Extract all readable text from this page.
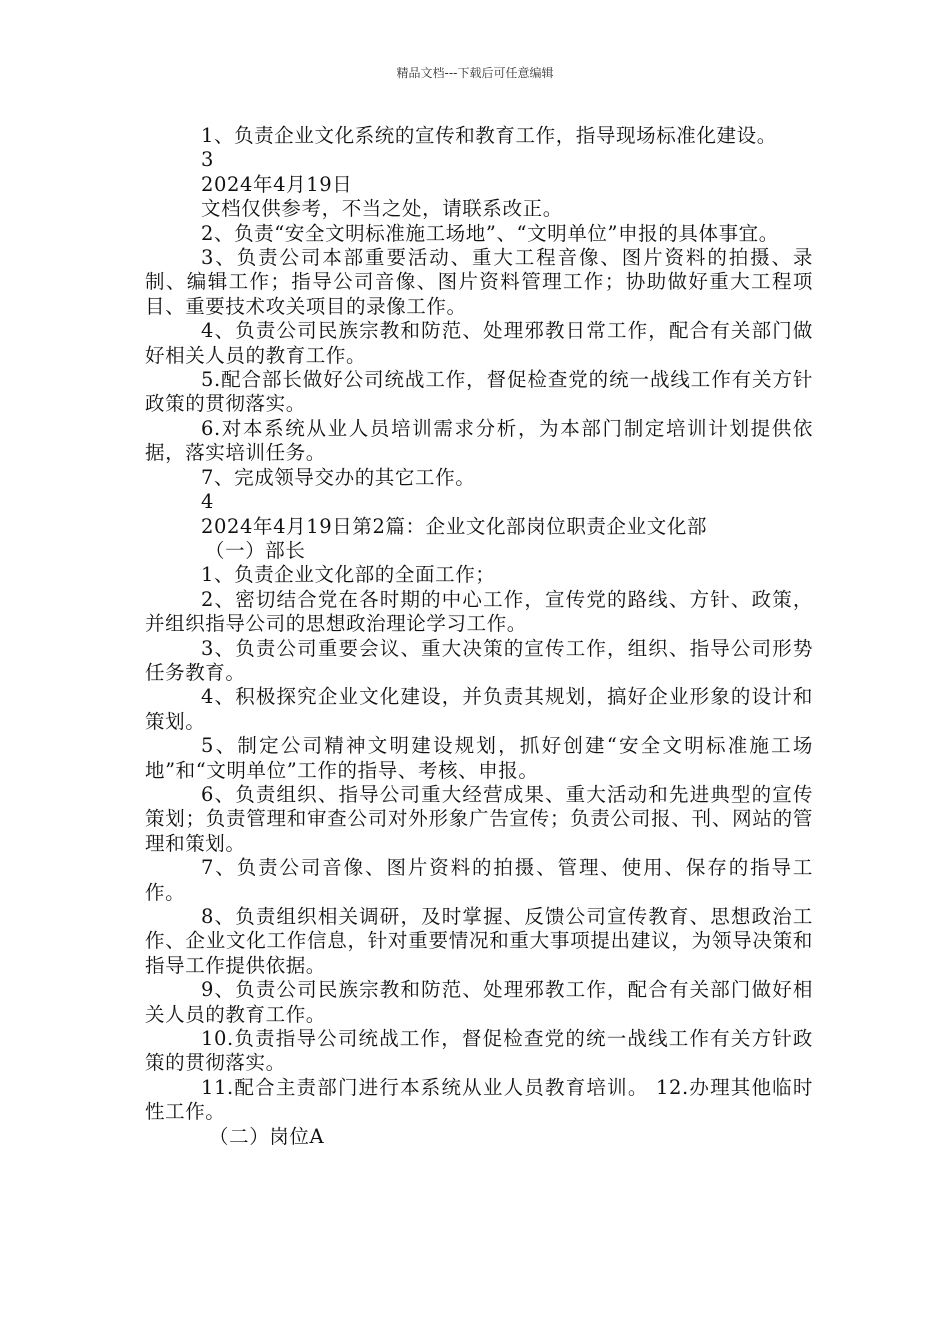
精品文档---下载后可任意编辑

1、负责企业文化系统的宣传和教育工作，指导现场标准化建设。

3

2024年4月19日

文档仅供参考，不当之处，请联系改正。

2、负责“安全文明标准施工场地”、“文明单位”申报的具体事宜。

3、负责公司本部重要活动、重大工程音像、图片资料的拍摄、录制、编辑工作；指导公司音像、图片资料管理工作；协助做好重大工程项目、重要技术攻关项目的录像工作。

4、负责公司民族宗教和防范、处理邪教日常工作，配合有关部门做好相关人员的教育工作。

5.配合部长做好公司统战工作，督促检查党的统一战线工作有关方针政策的贯彻落实。

6.对本系统从业人员培训需求分析，为本部门制定培训计划提供依据，落实培训任务。

7、完成领导交办的其它工作。

4

2024年4月19日第2篇：企业文化部岗位职责企业文化部

（一）部长

1、负责企业文化部的全面工作；

2、密切结合党在各时期的中心工作，宣传党的路线、方针、政策，并组织指导公司的思想政治理论学习工作。

3、负责公司重要会议、重大决策的宣传工作，组织、指导公司形势任务教育。

4、积极探究企业文化建设，并负责其规划，搞好企业形象的设计和策划。

5、制定公司精神文明建设规划，抓好创建“安全文明标准施工场地”和“文明单位”工作的指导、考核、申报。

6、负责组织、指导公司重大经营成果、重大活动和先进典型的宣传策划；负责管理和审查公司对外形象广告宣传；负责公司报、刊、网站的管理和策划。

7、负责公司音像、图片资料的拍摄、管理、使用、保存的指导工作。

8、负责组织相关调研，及时掌握、反馈公司宣传教育、思想政治工作、企业文化工作信息，针对重要情况和重大事项提出建议，为领导决策和指导工作提供依据。

9、负责公司民族宗教和防范、处理邪教工作，配合有关部门做好相关人员的教育工作。

10.负责指导公司统战工作，督促检查党的统一战线工作有关方针政策的贯彻落实。

11.配合主责部门进行本系统从业人员教育培训。 12.办理其他临时性工作。

（二）岗位A
